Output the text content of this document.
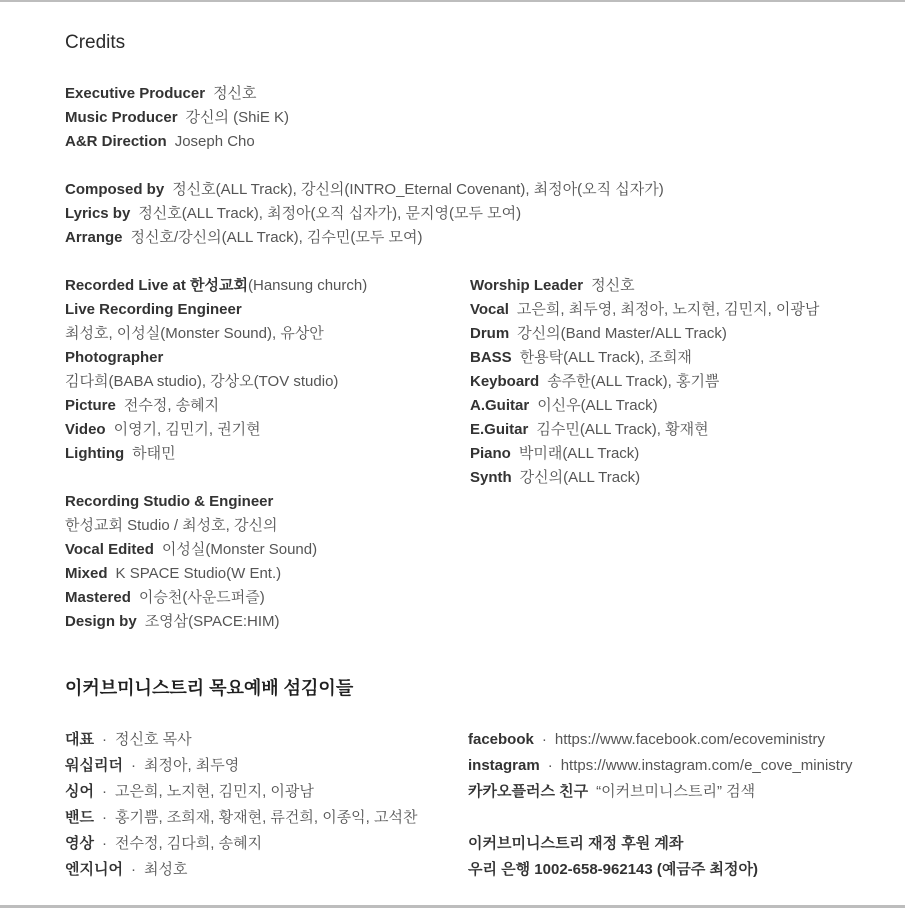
Credits
Executive Producer 정신호
Music Producer 강신의 (ShiE K)
A&R Direction Joseph Cho
Composed by 정신호(ALL Track), 강신의(INTRO_Eternal Covenant), 최정아(오직 십자가)
Lyrics by 정신호(ALL Track), 최정아(오직 십자가), 문지영(모두 모여)
Arrange 정신호/강신의(ALL Track), 김수민(모두 모여)
Recorded Live at 한성교회(Hansung church)
Live Recording Engineer
최성호, 이성실(Monster Sound), 유상안
Photographer
김다희(BABA studio), 강상오(TOV studio)
Picture 전수정, 송혜지
Video 이영기, 김민기, 권기현
Lighting 하태민
Worship Leader 정신호
Vocal 고은희, 최두영, 최정아, 노지현, 김민지, 이광남
Drum 강신의(Band Master/ALL Track)
BASS 한용탁(ALL Track), 조희재
Keyboard 송주한(ALL Track), 홍기쁨
A.Guitar 이신우(ALL Track)
E.Guitar 김수민(ALL Track), 황재현
Piano 박미래(ALL Track)
Synth 강신의(ALL Track)
Recording Studio & Engineer
한성교회 Studio / 최성호, 강신의
Vocal Edited 이성실(Monster Sound)
Mixed K SPACE Studio(W Ent.)
Mastered 이승천(사운드퍼즐)
Design by 조영삼(SPACE:HIM)
이커브미니스트리 목요예배 섬김이들
대표 · 정신호 목사
워십리더 · 최정아, 최두영
싱어 · 고은희, 노지현, 김민지, 이광남
밴드 · 홍기쁨, 조희재, 황재현, 류건희, 이종익, 고석찬
영상 · 전수정, 김다희, 송혜지
엔지니어 · 최성호
facebook · https://www.facebook.com/ecoveministry
instagram · https://www.instagram.com/e_cove_ministry
카카오플러스 친구 “이커브미니스트리” 검색
이커브미니스트리 재정 후원 계좌
우리 은행 1002-658-962143 (예금주 최정아)
